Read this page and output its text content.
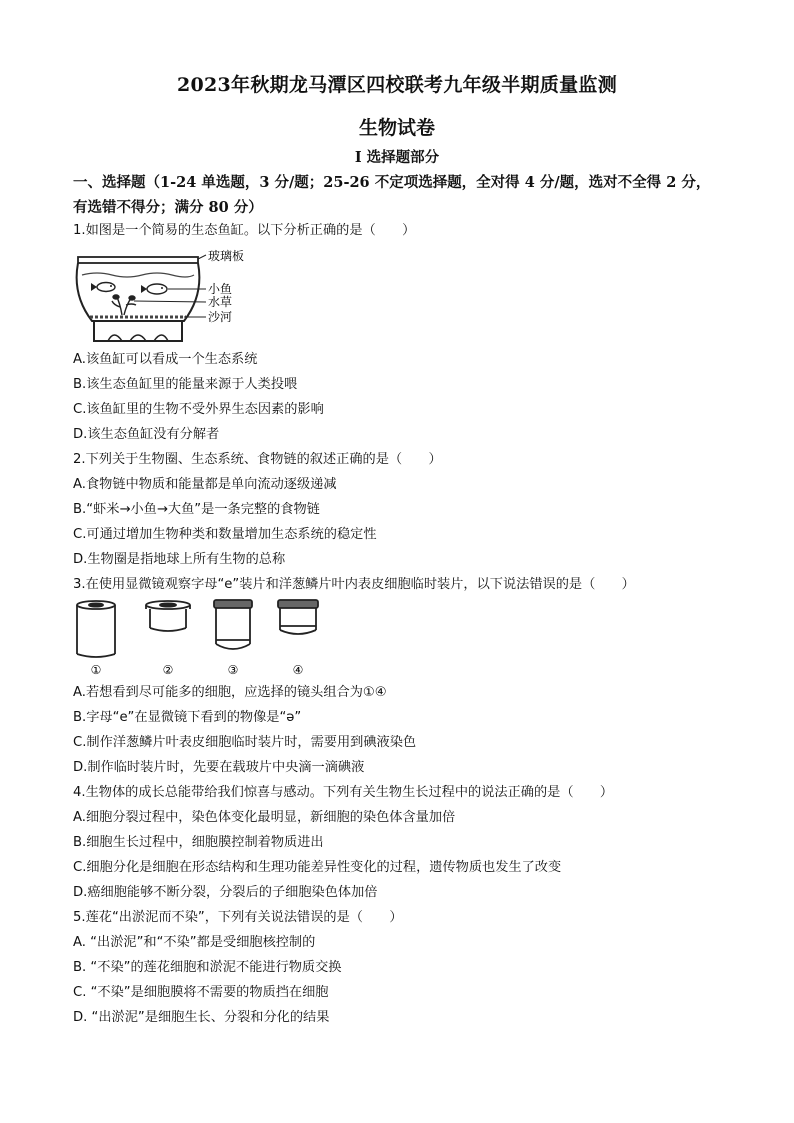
2023年秋期龙马潭区四校联考九年级半期质量监测
生物试卷
I 选择题部分
一、选择题（1-24 单选题，3 分/题；25-26 不定项选择题，全对得 4 分/题，选对不全得 2 分，
有选错不得分；满分 80 分）
1.如图是一个简易的生态鱼缸。以下分析正确的是（　　）
玻璃板
小鱼
水草
沙河
A.该鱼缸可以看成一个生态系统
B.该生态鱼缸里的能量来源于人类投喂
C.该鱼缸里的生物不受外界生态因素的影响
D.该生态鱼缸没有分解者
2.下列关于生物圈、生态系统、食物链的叙述正确的是（　　）
A.食物链中物质和能量都是单向流动逐级递减
B.“虾米→小鱼→大鱼”是一条完整的食物链
C.可通过增加生物种类和数量增加生态系统的稳定性
D.生物圈是指地球上所有生物的总称
3.在使用显微镜观察字母“e”装片和洋葱鳞片叶内表皮细胞临时装片，以下说法错误的是（　　）
①	②	③	④
A.若想看到尽可能多的细胞，应选择的镜头组合为①④
B.字母“e”在显微镜下看到的物像是“ə”
C.制作洋葱鳞片叶表皮细胞临时装片时，需要用到碘液染色
D.制作临时装片时，先要在载玻片中央滴一滴碘液
4.生物体的成长总能带给我们惊喜与感动。下列有关生物生长过程中的说法正确的是（　　）
A.细胞分裂过程中，染色体变化最明显，新细胞的染色体含量加倍
B.细胞生长过程中，细胞膜控制着物质进出
C.细胞分化是细胞在形态结构和生理功能差异性变化的过程，遗传物质也发生了改变
D.癌细胞能够不断分裂，分裂后的子细胞染色体加倍
5.莲花“出淤泥而不染”，下列有关说法错误的是（　　）
A. “出淤泥”和“不染”都是受细胞核控制的
B. “不染”的莲花细胞和淤泥不能进行物质交换
C. “不染”是细胞膜将不需要的物质挡在细胞
D. “出淤泥”是细胞生长、分裂和分化的结果
